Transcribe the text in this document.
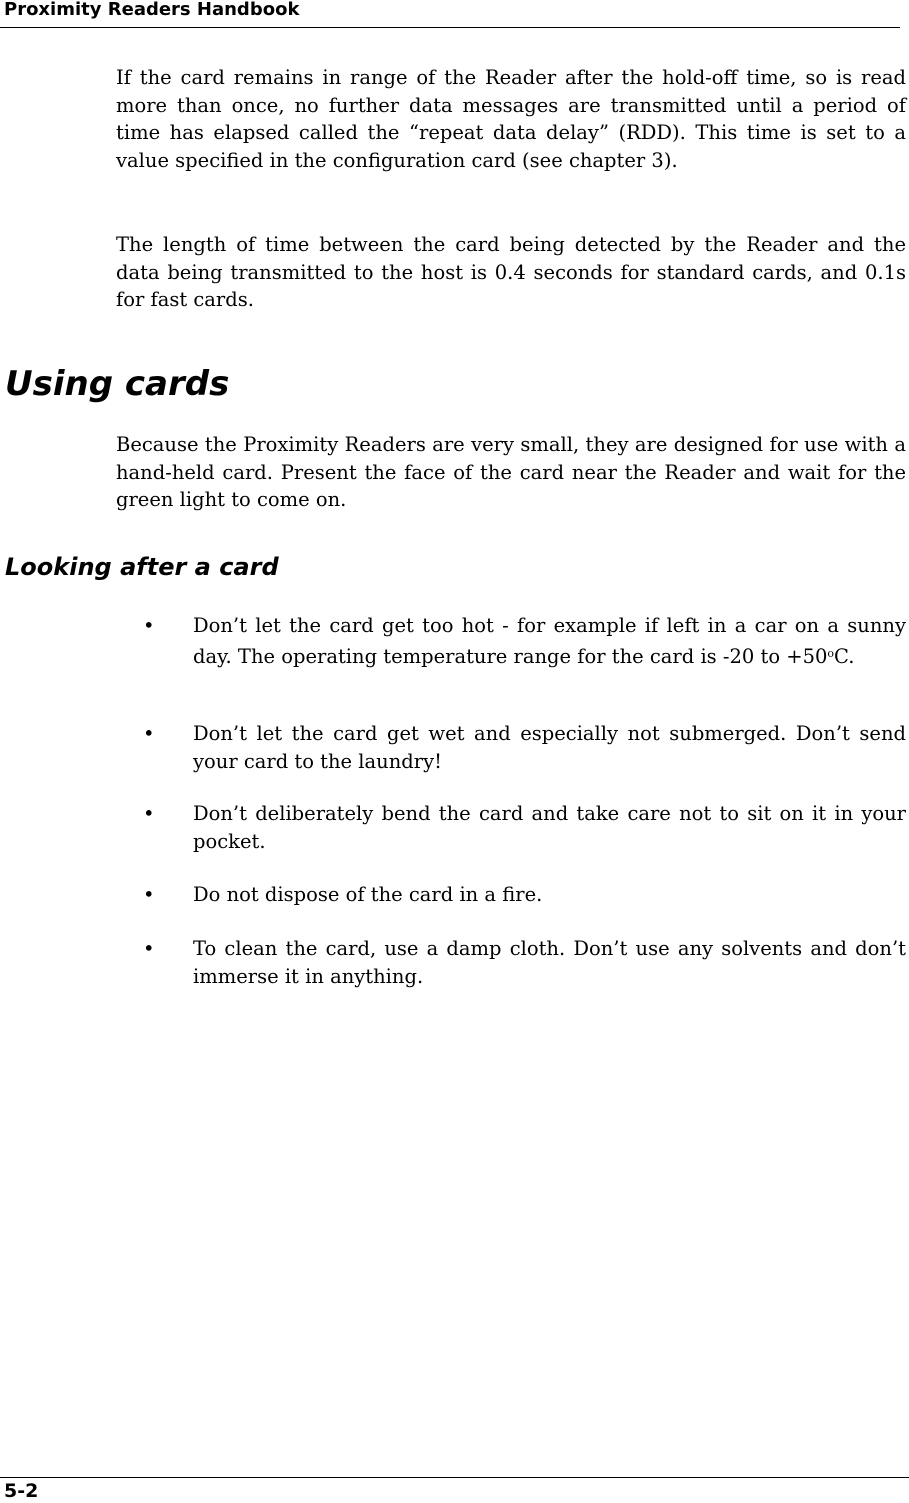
Proximity Readers Handbook

If the card remains in range of the Reader after the hold-off time, so is read more than once, no further data messages are transmitted until a period of time has elapsed called the “repeat data delay” (RDD). This time is set to a value specified in the configuration card (see chapter 3).

The length of time between the card being detected by the Reader and the data being transmitted to the host is 0.4 seconds for standard cards, and 0.1s for fast cards.

Using cards

Because the Proximity Readers are very small, they are designed for use with a hand-held card. Present the face of the card near the Reader and wait for the green light to come on.

Looking after a card
• Don’t let the card get too hot - for example if left in a car on a sunny day. The operating temperature range for the card is -20 to $+50^oC$.

• Don’t let the card get wet and especially not submerged. Don’t send your card to the laundry!

• Don’t deliberately bend the card and take care not to sit on it in your pocket.

• Do not dispose of the card in a fire.

• To clean the card, use a damp cloth. Don’t use any solvents and don’t immerse it in anything.

5-2
